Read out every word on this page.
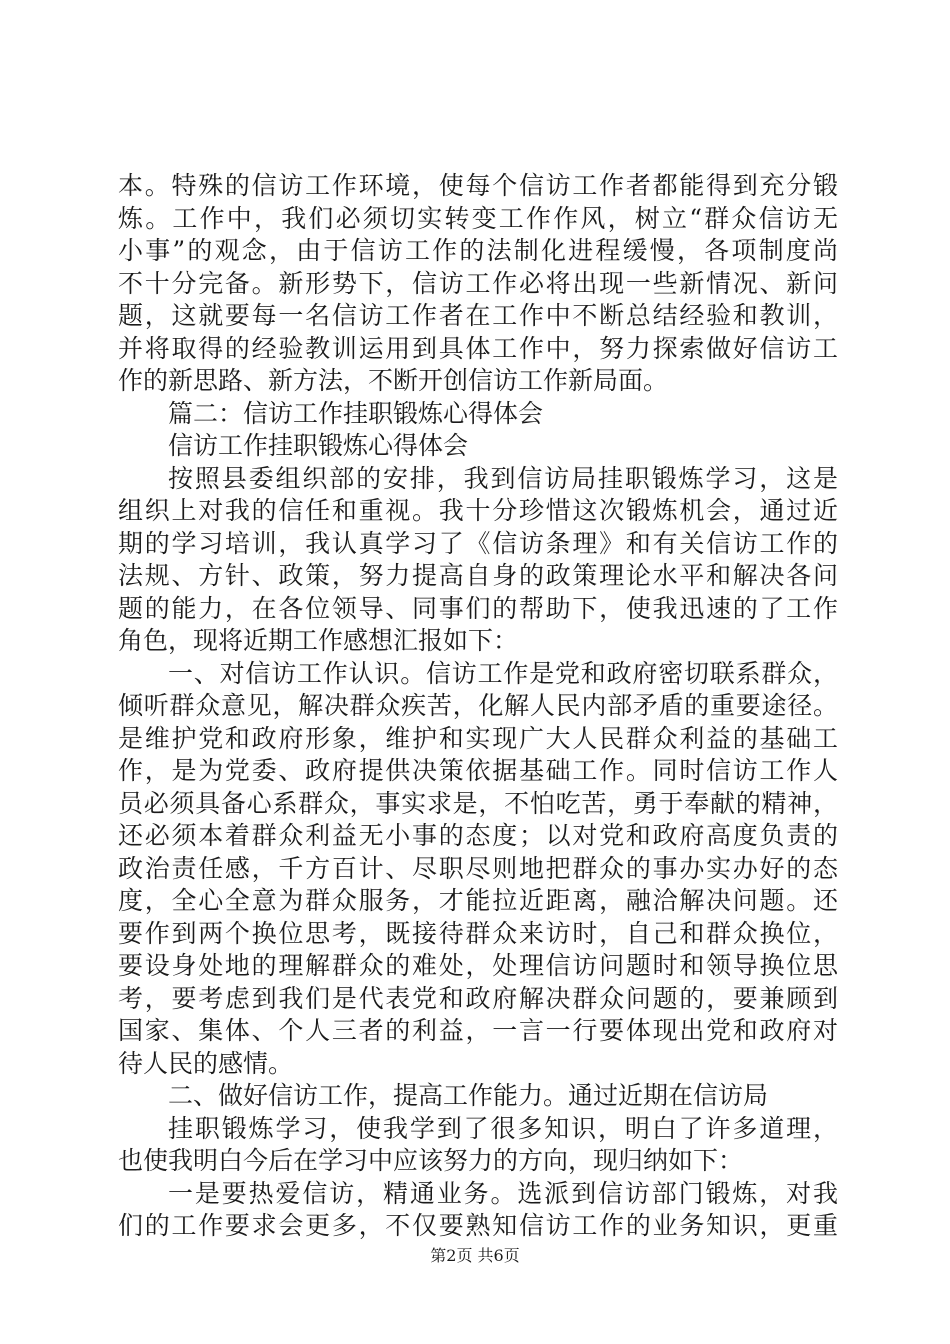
本。特殊的信访工作环境，使每个信访工作者都能得到充分锻
炼。工作中，我们必须切实转变工作作风，树立“群众信访无
小事”的观念，由于信访工作的法制化进程缓慢，各项制度尚
不十分完备。新形势下，信访工作必将出现一些新情况、新问
题，这就要每一名信访工作者在工作中不断总结经验和教训，
并将取得的经验教训运用到具体工作中，努力探索做好信访工
作的新思路、新方法，不断开创信访工作新局面。
篇二：信访工作挂职锻炼心得体会
信访工作挂职锻炼心得体会
按照县委组织部的安排，我到信访局挂职锻炼学习，这是
组织上对我的信任和重视。我十分珍惜这次锻炼机会，通过近
期的学习培训，我认真学习了《信访条理》和有关信访工作的
法规、方针、政策，努力提高自身的政策理论水平和解决各问
题的能力，在各位领导、同事们的帮助下，使我迅速的了工作
角色，现将近期工作感想汇报如下：
一、对信访工作认识。信访工作是党和政府密切联系群众，
倾听群众意见，解决群众疾苦，化解人民内部矛盾的重要途径。
是维护党和政府形象，维护和实现广大人民群众利益的基础工
作，是为党委、政府提供决策依据基础工作。同时信访工作人
员必须具备心系群众，事实求是，不怕吃苦，勇于奉献的精神，
还必须本着群众利益无小事的态度；以对党和政府高度负责的
政治责任感，千方百计、尽职尽则地把群众的事办实办好的态
度，全心全意为群众服务，才能拉近距离，融洽解决问题。还
要作到两个换位思考，既接待群众来访时，自己和群众换位，
要设身处地的理解群众的难处，处理信访问题时和领导换位思
考，要考虑到我们是代表党和政府解决群众问题的，要兼顾到
国家、集体、个人三者的利益，一言一行要体现出党和政府对
待人民的感情。
二、做好信访工作，提高工作能力。通过近期在信访局
挂职锻炼学习，使我学到了很多知识，明白了许多道理，
也使我明白今后在学习中应该努力的方向，现归纳如下：
一是要热爱信访，精通业务。选派到信访部门锻炼，对我
们的工作要求会更多，不仅要熟知信访工作的业务知识，更重
第2页 共6页
